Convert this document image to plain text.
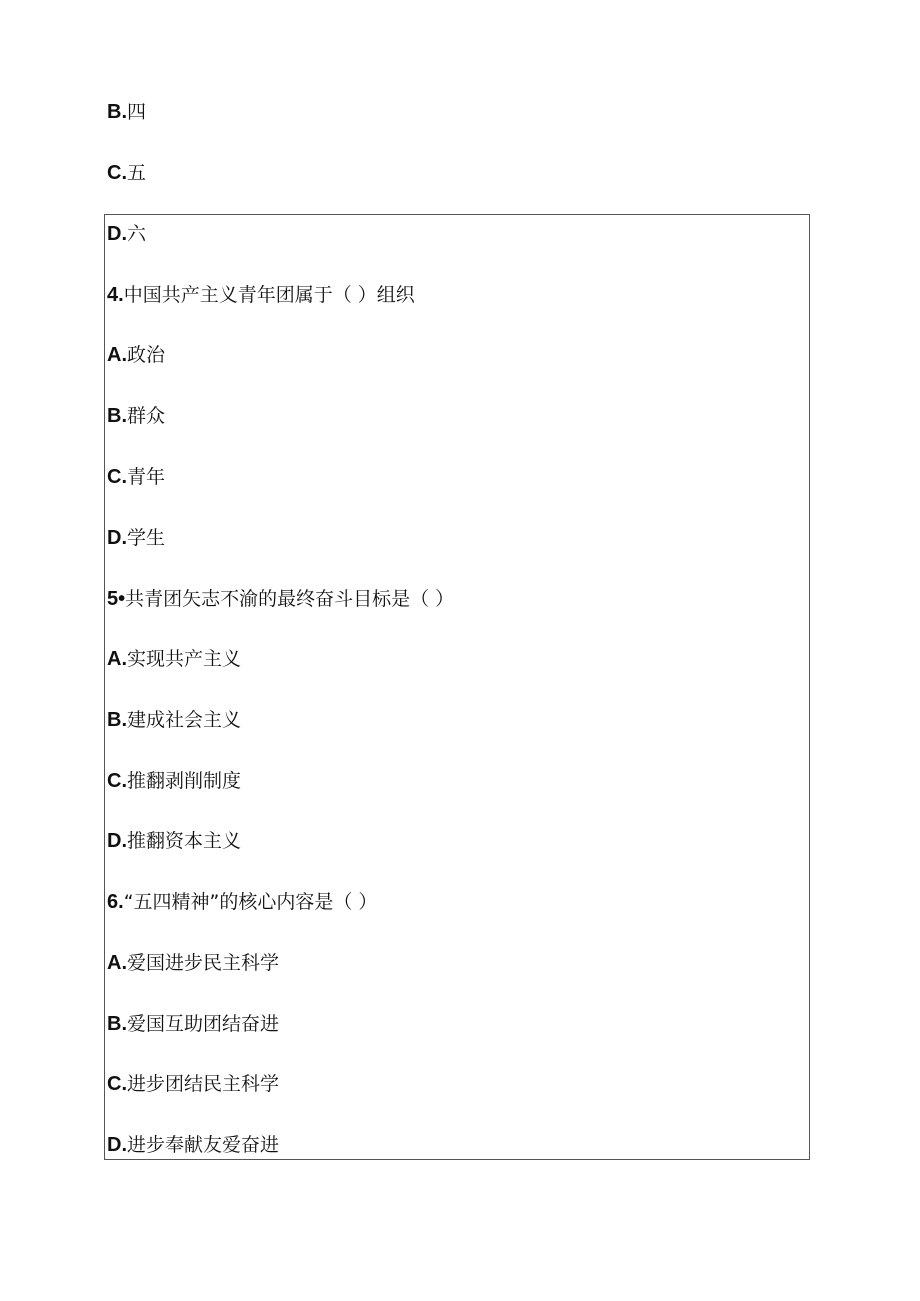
B.四
C.五
D.六
4.中国共产主义青年团属于（ ）组织
A.政治
B.群众
C.青年
D.学生
5•共青团矢志不渝的最终奋斗目标是（ ）
A.实现共产主义
B.建成社会主义
C.推翻剥削制度
D.推翻资本主义
6.“五四精神”的核心内容是（ ）
A.爱国进步民主科学
B.爱国互助团结奋进
C.进步团结民主科学
D.进步奉献友爱奋进
